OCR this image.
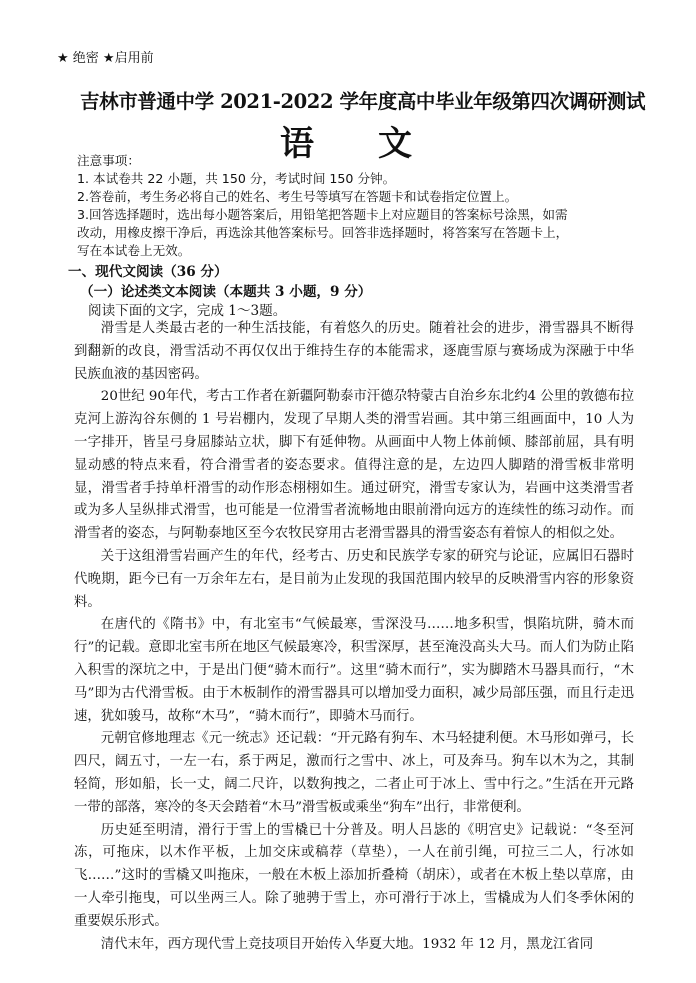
★ 绝密 ★启用前
吉林市普通中学 2021-2022 学年度高中毕业年级第四次调研测试
语 文
注意事项：
1. 本试卷共 22 小题，共 150 分，考试时间 150 分钟。
2.答卷前，考生务必将自己的姓名、考生号等填写在答题卡和试卷指定位置上。
3.回答选择题时，选出每小题答案后，用铅笔把答题卡上对应题目的答案标号涂黑，如需
改动，用橡皮擦干净后，再选涂其他答案标号。回答非选择题时，将答案写在答题卡上，
写在本试卷上无效。
一、现代文阅读（36 分）
（一）论述类文本阅读（本题共 3 小题，9 分）
阅读下面的文字，完成 1～3题。

滑雪是人类最古老的一种生活技能，有着悠久的历史。随着社会的进步，滑雪器具不断得到翻新的改良，滑雪活动不再仅仅出于维持生存的本能需求，逐鹿雪原与赛场成为深融于中华民族血液的基因密码。

20世纪 90年代，考古工作者在新疆阿勒泰市汗德尕特蒙古自治乡东北约4 公里的敦德布拉克河上游沟谷东侧的 1 号岩棚内，发现了早期人类的滑雪岩画。其中第三组画面中，10 人为一字排开，皆呈弓身屈膝站立状，脚下有延伸物。从画面中人物上体前倾、膝部前屈，具有明显动感的特点来看，符合滑雪者的姿态要求。值得注意的是，左边四人脚踏的滑雪板非常明显，滑雪者手持单杆滑雪的动作形态栩栩如生。通过研究，滑雪专家认为，岩画中这类滑雪者或为多人呈纵排式滑雪，也可能是一位滑雪者流畅地由眼前滑向远方的连续性的练习动作。而滑雪者的姿态，与阿勒泰地区至今农牧民穿用古老滑雪器具的滑雪姿态有着惊人的相似之处。

关于这组滑雪岩画产生的年代，经考古、历史和民族学专家的研究与论证，应属旧石器时代晚期，距今已有一万余年左右，是目前为止发现的我国范围内较早的反映滑雪内容的形象资料。

在唐代的《隋书》中，有北室韦“气候最寒，雪深没马……地多积雪，惧陷坑阱，骑木而行”的记载。意即北室韦所在地区气候最寒冷，积雪深厚，甚至淹没高头大马。而人们为防止陷入积雪的深坑之中，于是出门便“骑木而行”。这里“骑木而行”，实为脚踏木马器具而行，“木马”即为古代滑雪板。由于木板制作的滑雪器具可以增加受力面积，减少局部压强，而且行走迅速，犹如骏马，故称“木马”，“骑木而行”，即骑木马而行。

元朝官修地理志《元一统志》还记载：“开元路有狗车、木马轻捷利便。木马形如弹弓，长四尺，阔五寸，一左一右，系于两足，激而行之雪中、冰上，可及奔马。狗车以木为之，其制轻简，形如船，长一丈，阔二尺许，以数狗拽之，二者止可于冰上、雪中行之。”生活在开元路一带的部落，寒冷的冬天会踏着“木马”滑雪板或乘坐“狗车”出行，非常便利。

历史延至明清，滑行于雪上的雪橇已十分普及。明人吕毖的《明宫史》记载说：“冬至河冻，可拖床，以木作平板，上加交床或稿荐（草垫），一人在前引绳，可拉三二人，行冰如飞……”这时的雪橇又叫拖床，一般在木板上添加折叠椅（胡床），或者在木板上垫以草席，由一人牵引拖曳，可以坐两三人。除了驰骋于雪上，亦可滑行于冰上，雪橇成为人们冬季休闲的重要娱乐形式。

清代末年，西方现代雪上竞技项目开始传入华夏大地。1932 年 12 月，黑龙江省同
